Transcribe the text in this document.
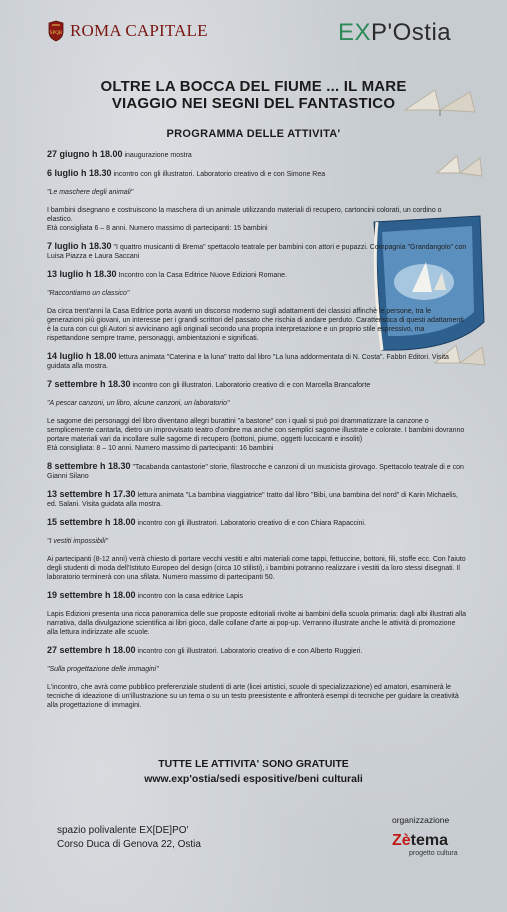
SPQR ROMA CAPITALE	EXP'Ostia
OLTRE LA BOCCA DEL FIUME ... IL MARE
VIAGGIO NEI SEGNI DEL FANTASTICO
PROGRAMMA DELLE ATTIVITA'
27 giugno h 18.00 inaugurazione mostra
6 luglio h 18.30 incontro con gli illustratori. Laboratorio creativo di e con Simone Rea
"Le maschere degli animali"
I bambini disegnano e costruiscono la maschera di un animale utilizzando materiali di recupero, cartoncini colorati, un cordino o elastico.
Età consigliata 6 – 8 anni. Numero massimo di partecipanti: 15 bambini
7 luglio h 18.30 "I quattro musicanti di Brema" spettacolo teatrale per bambini con attori e pupazzi. Compagnia "Grandangolo" con Luisa Piazza e Laura Saccani
13 luglio h 18.30 Incontro con la Casa Editrice Nuove Edizioni Romane.
"Raccontiamo un classico"
Da circa trent'anni la Casa Editrice porta avanti un discorso moderno sugli adattamenti dei classici affinchè le persone, tra le generazioni più giovani, un interesse per i grandi scrittori del passato che rischia di andare perduto. Caratteristica di questi adattamenti è la cura con cui gli Autori si avvicinano agli originali secondo una propria interpretazione e un proprio stile espressivo, ma rispettandone sempre trame, personaggi, ambientazioni e significati.
14 luglio h 18.00 lettura animata "Caterina e la luna" tratto dal libro "La luna addormentata di N. Costa". Fabbri Editori. Visita guidata alla mostra.
7 settembre h 18.30 incontro con gli illustratori. Laboratorio creativo di e con Marcella Brancaforte
"A pescar canzoni, un libro, alcune canzoni, un laboratorio"
Le sagome dei personaggi del libro diventano allegri burattini "a bastone" con i quali si può poi drammatizzare la canzone o semplicemente cantarla, dietro un improvvisato teatro d'ombre ma anche con semplici sagome illustrate e colorate. I bambini dovranno portare materiali vari da incollare sulle sagome di recupero (bottoni, piume, oggetti luccicanti e insoliti)
Età consigliata: 8 – 10 anni. Numero massimo di partecipanti: 16 bambini
8 settembre h 18.30 "Tacabanda cantastorie" storie, filastrocche e canzoni di un musicista girovago. Spettacolo teatrale di e con Gianni Silano
13 settembre h 17.30 lettura animata "La bambina viaggiatrice" tratto dal libro "Bibi, una bambina del nord" di Karin Michaelis, ed. Salani. Visita guidata alla mostra.
15 settembre h 18.00 incontro con gli illustratori. Laboratorio creativo di e con Chiara Rapaccini.
"I vestiti impossibili"
Ai partecipanti (8-12 anni) verrà chiesto di portare vecchi vestiti e altri materiali come tappi, fettuccine, bottoni, fili, stoffe ecc. Con l'aiuto degli studenti di moda dell'Istituto Europeo del design (circa 10 stilisti), i bambini potranno realizzare i vestiti da loro stessi disegnati. Il laboratorio terminerà con una sfilata. Numero massimo di partecipanti 50.
19 settembre h 18.00 incontro con la casa editrice Lapis
Lapis Edizioni presenta una ricca panoramica delle sue proposte editoriali rivolte ai bambini della scuola primaria: dagli albi illustrati alla narrativa, dalla divulgazione scientifica ai libri gioco, dalle collane d'arte ai pop-up. Verranno illustrate anche le attività di promozione alla lettura indirizzate alle scuole.
27 settembre h 18.00 incontro con gli illustratori. Laboratorio creativo di e con Alberto Ruggieri.
"Sulla progettazione delle immagini"
L'incontro, che avrà come pubblico preferenziale studenti di arte (licei artistici, scuole di specializzazione) ed amatori, esaminerà le tecniche di ideazione di un'illustrazione su un tema o su un testo preesistente e affronterà esempi di tecniche per guidare la creatività alla progettazione di immagini.
TUTTE LE ATTIVITA' SONO GRATUITE
www.exp'ostia/sedi espositive/beni culturali
spazio polivalente EX[DE]PO'
Corso Duca di Genova 22, Ostia
organizzazione
Zètema
progetto cultura
